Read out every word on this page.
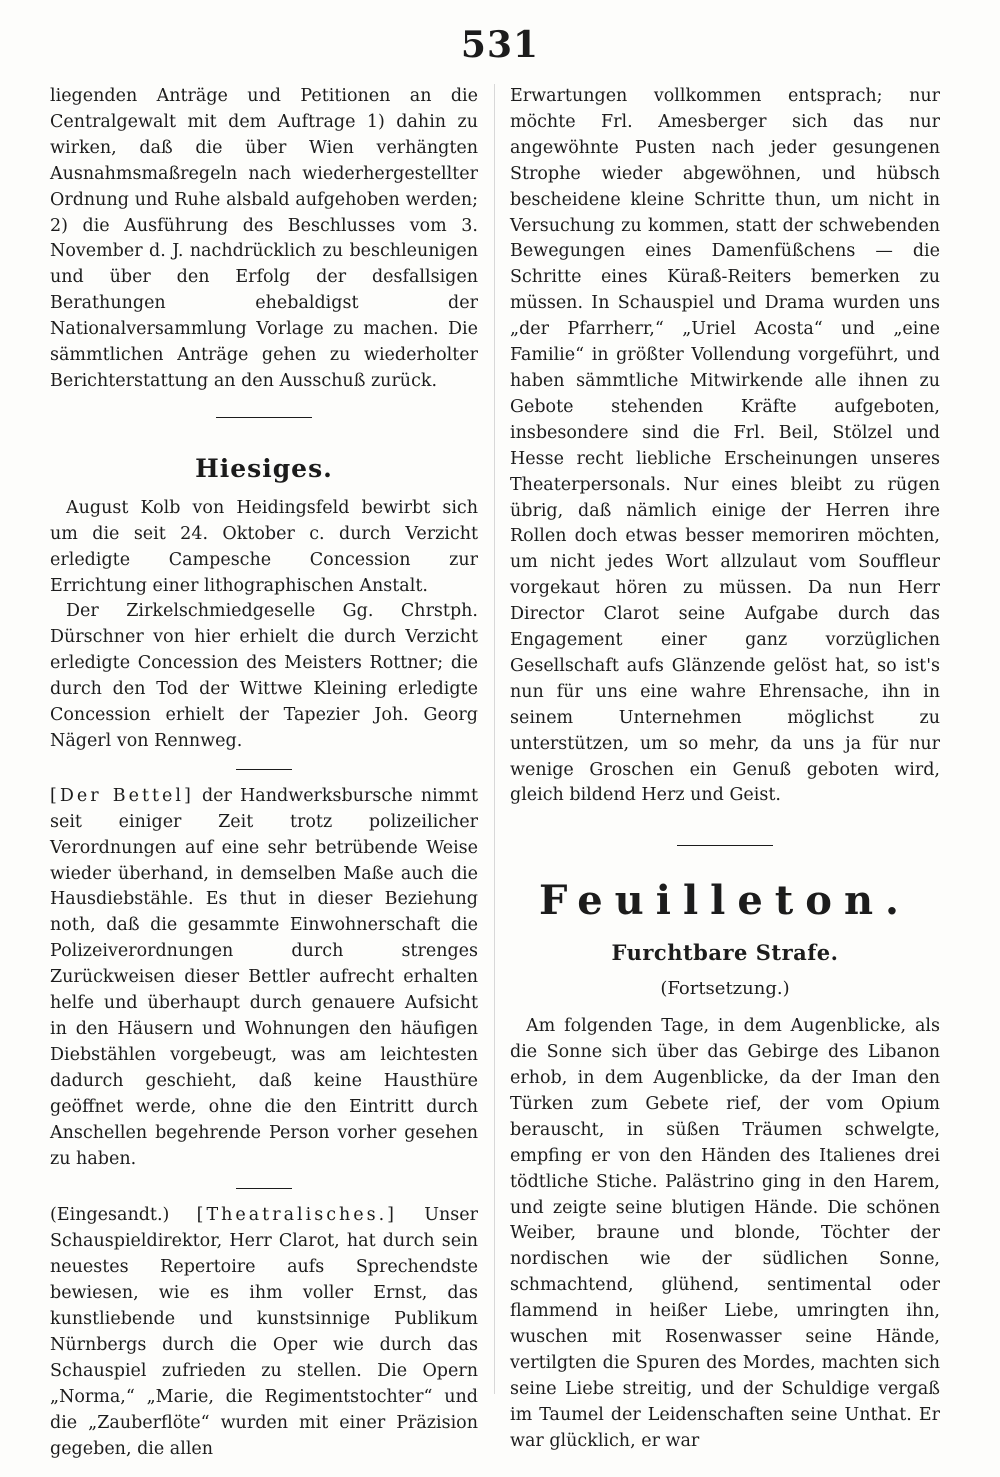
531

liegenden Anträge und Petitionen an die Centralgewalt mit dem Auftrage 1) dahin zu wirken, daß die über Wien verhängten Ausnahmsmaßregeln nach wiederhergestellter Ordnung und Ruhe alsbald aufgehoben werden; 2) die Ausführung des Beschlusses vom 3. November d. J. nachdrücklich zu beschleunigen und über den Erfolg der desfallsigen Berathungen ehebaldigst der Nationalversammlung Vorlage zu machen. Die sämmtlichen Anträge gehen zu wiederholter Berichterstattung an den Ausschuß zurück.

Hiesiges.

August Kolb von Heidingsfeld bewirbt sich um die seit 24. Oktober c. durch Verzicht erledigte Campesche Concession zur Errichtung einer lithographischen Anstalt.

Der Zirkelschmiedgeselle Gg. Chrstph. Dürschner von hier erhielt die durch Verzicht erledigte Concession des Meisters Rottner; die durch den Tod der Wittwe Kleining erledigte Concession erhielt der Tapezier Joh. Georg Nägerl von Rennweg.

[Der Bettel] der Handwerksbursche nimmt seit einiger Zeit trotz polizeilicher Verordnungen auf eine sehr betrübende Weise wieder überhand, in demselben Maße auch die Hausdiebstähle. Es thut in dieser Beziehung noth, daß die gesammte Einwohnerschaft die Polizeiverordnungen durch strenges Zurückweisen dieser Bettler aufrecht erhalten helfe und überhaupt durch genauere Aufsicht in den Häusern und Wohnungen den häufigen Diebstählen vorgebeugt, was am leichtesten dadurch geschieht, daß keine Hausthüre geöffnet werde, ohne die den Eintritt durch Anschellen begehrende Person vorher gesehen zu haben.

(Eingesandt.) [Theatralisches.] Unser Schauspieldirektor, Herr Clarot, hat durch sein neuestes Repertoire aufs Sprechendste bewiesen, wie es ihm voller Ernst, das kunstliebende und kunstsinnige Publikum Nürnbergs durch die Oper wie durch das Schauspiel zufrieden zu stellen. Die Opern „Norma,“ „Marie, die Regimentstochter“ und die „Zauberflöte“ wurden mit einer Präzision gegeben, die allen

Erwartungen vollkommen entsprach; nur möchte Frl. Amesberger sich das nur angewöhnte Pusten nach jeder gesungenen Strophe wieder abgewöhnen, und hübsch bescheidene kleine Schritte thun, um nicht in Versuchung zu kommen, statt der schwebenden Bewegungen eines Damenfüßchens — die Schritte eines Küraß-Reiters bemerken zu müssen. In Schauspiel und Drama wurden uns „der Pfarrherr,“ „Uriel Acosta“ und „eine Familie“ in größter Vollendung vorgeführt, und haben sämmtliche Mitwirkende alle ihnen zu Gebote stehenden Kräfte aufgeboten, insbesondere sind die Frl. Beil, Stölzel und Hesse recht liebliche Erscheinungen unseres Theaterpersonals. Nur eines bleibt zu rügen übrig, daß nämlich einige der Herren ihre Rollen doch etwas besser memoriren möchten, um nicht jedes Wort allzulaut vom Souffleur vorgekaut hören zu müssen. Da nun Herr Director Clarot seine Aufgabe durch das Engagement einer ganz vorzüglichen Gesellschaft aufs Glänzende gelöst hat, so ist's nun für uns eine wahre Ehrensache, ihn in seinem Unternehmen möglichst zu unterstützen, um so mehr, da uns ja für nur wenige Groschen ein Genuß geboten wird, gleich bildend Herz und Geist.

Feuilleton.
Furchtbare Strafe.
(Fortsetzung.)

Am folgenden Tage, in dem Augenblicke, als die Sonne sich über das Gebirge des Libanon erhob, in dem Augenblicke, da der Iman den Türken zum Gebete rief, der vom Opium berauscht, in süßen Träumen schwelgte, empfing er von den Händen des Italienes drei tödtliche Stiche. Palästrino ging in den Harem, und zeigte seine blutigen Hände. Die schönen Weiber, braune und blonde, Töchter der nordischen wie der südlichen Sonne, schmachtend, glühend, sentimental oder flammend in heißer Liebe, umringten ihn, wuschen mit Rosenwasser seine Hände, vertilgten die Spuren des Mordes, machten sich seine Liebe streitig, und der Schuldige vergaß im Taumel der Leidenschaften seine Unthat. Er war glücklich, er war
